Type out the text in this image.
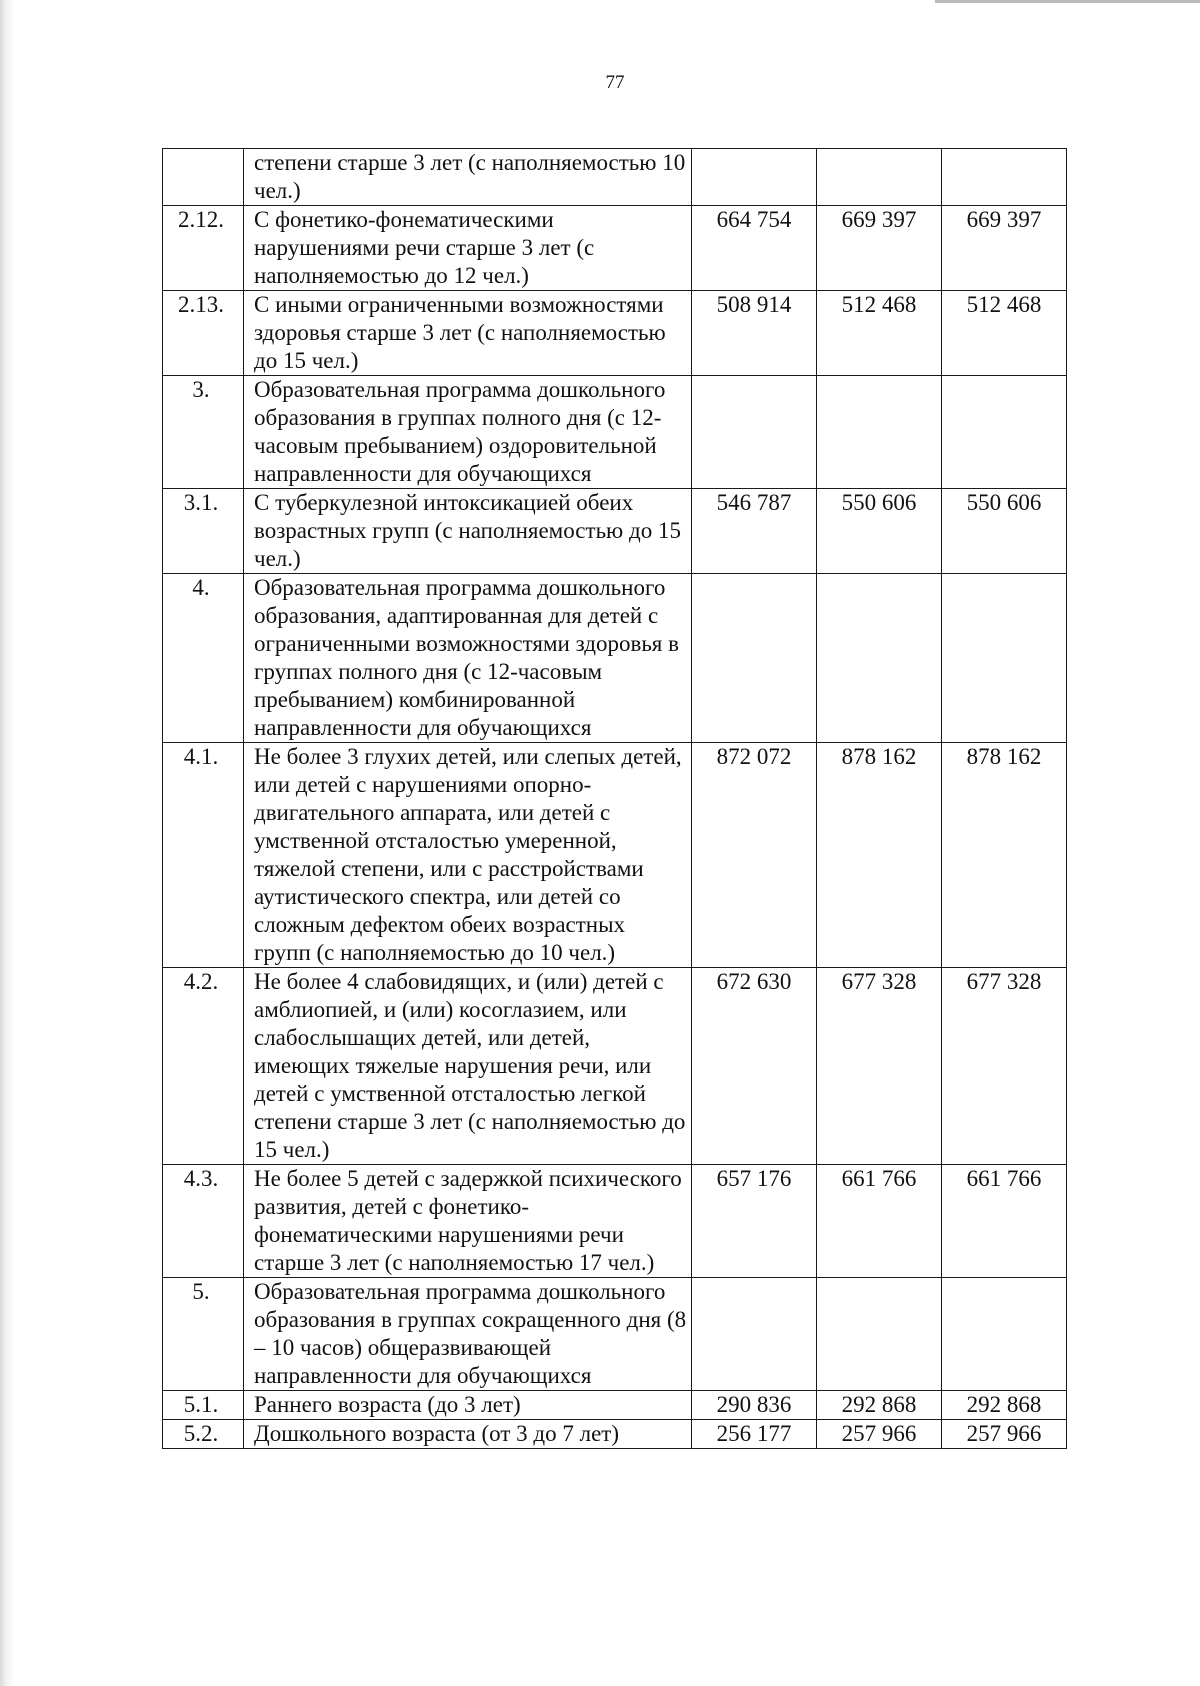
77
	степени старше 3 лет (с наполняемостью 10 чел.)			
2.12.	С фонетико-фонематическими нарушениями речи старше 3 лет (с наполняемостью до 12 чел.)	664 754	669 397	669 397
2.13.	С иными ограниченными возможностями здоровья старше 3 лет (с наполняемостью до 15 чел.)	508 914	512 468	512 468
3.	Образовательная программа дошкольного образования в группах полного дня (с 12-часовым пребыванием) оздоровительной направленности для обучающихся			
3.1.	С туберкулезной интоксикацией обеих возрастных групп (с наполняемостью до 15 чел.)	546 787	550 606	550 606
4.	Образовательная программа дошкольного образования, адаптированная для детей с ограниченными возможностями здоровья в группах полного дня (с 12-часовым пребыванием) комбинированной направленности для обучающихся			
4.1.	Не более 3 глухих детей, или слепых детей, или детей с нарушениями опорно-двигательного аппарата, или детей с умственной отсталостью умеренной, тяжелой степени, или с расстройствами аутистического спектра, или детей со сложным дефектом обеих возрастных групп (с наполняемостью до 10 чел.)	872 072	878 162	878 162
4.2.	Не более 4 слабовидящих, и (или) детей с амблиопией, и (или) косоглазием, или слабослышащих детей, или детей, имеющих тяжелые нарушения речи, или детей с умственной отсталостью легкой степени старше 3 лет (с наполняемостью до 15 чел.)	672 630	677 328	677 328
4.3.	Не более 5 детей с задержкой психического развития, детей с фонетико-фонематическими нарушениями речи старше 3 лет (с наполняемостью 17 чел.)	657 176	661 766	661 766
5.	Образовательная программа дошкольного образования в группах сокращенного дня (8 – 10 часов) общеразвивающей направленности для обучающихся			
5.1.	Раннего возраста (до 3 лет)	290 836	292 868	292 868
5.2.	Дошкольного возраста (от 3 до 7 лет)	256 177	257 966	257 966
